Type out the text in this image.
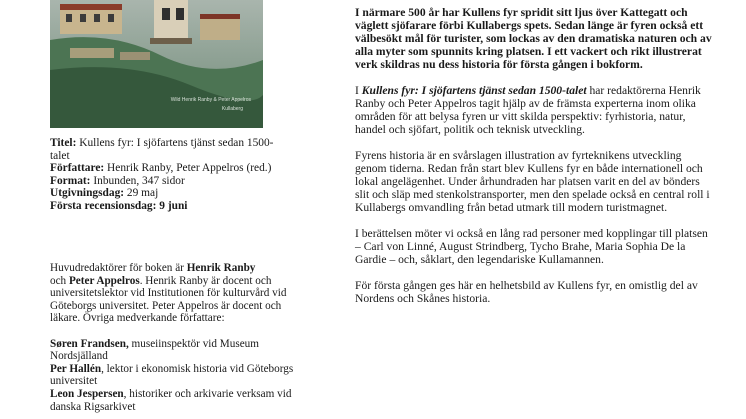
Wild Henrik Ranby & Peter Appelros
Kullaberg

Titel: Kullens fyr: I sjöfartens tjänst sedan 1500-talet

Författare: Henrik Ranby, Peter Appelros (red.)

Format: Inbunden, 347 sidor

Utgivningsdag: 29 maj

Första recensionsdag: 9 juni

Huvudredaktörer för boken är Henrik Ranby
och Peter Appelros. Henrik Ranby är docent och universitetslektor vid Institutionen för kulturvård vid Göteborgs universitet. Peter Appelros är docent och läkare. Övriga medverkande författare:

Søren Frandsen, museiinspektör vid Museum Nordsjälland

Per Hallén, lektor i ekonomisk historia vid Göteborgs universitet

Leon Jespersen, historiker och arkivarie verksam vid danska Rigsarkivet

I närmare 500 år har Kullens fyr spridit sitt ljus över Kattegatt och väglett sjöfarare förbi Kullabergs spets. Sedan länge är fyren också ett välbesökt mål för turister, som lockas av den dramatiska naturen och av alla myter som spunnits kring platsen. I ett vackert och rikt illustrerat verk skildras nu dess historia för första gången i bokform.

I Kullens fyr: I sjöfartens tjänst sedan 1500-talet har redaktörerna Henrik Ranby och Peter Appelros tagit hjälp av de främsta experterna inom olika områden för att belysa fyren ur vitt skilda perspektiv: fyrhistoria, natur, handel och sjöfart, politik och teknisk utveckling.

Fyrens historia är en svårslagen illustration av fyrteknikens utveckling genom tiderna. Redan från start blev Kullens fyr en både internationell och lokal angelägenhet. Under århundraden har platsen varit en del av bönders slit och släp med stenkolstransporter, men den spelade också en central roll i Kullabergs omvandling från betad utmark till modern turistmagnet.

I berättelsen möter vi också en lång rad personer med kopplingar till platsen – Carl von Linné, August Strindberg, Tycho Brahe, Maria Sophia De la Gardie – och, såklart, den legendariske Kullamannen.

För första gången ges här en helhetsbild av Kullens fyr, en omistlig del av Nordens och Skånes historia.
